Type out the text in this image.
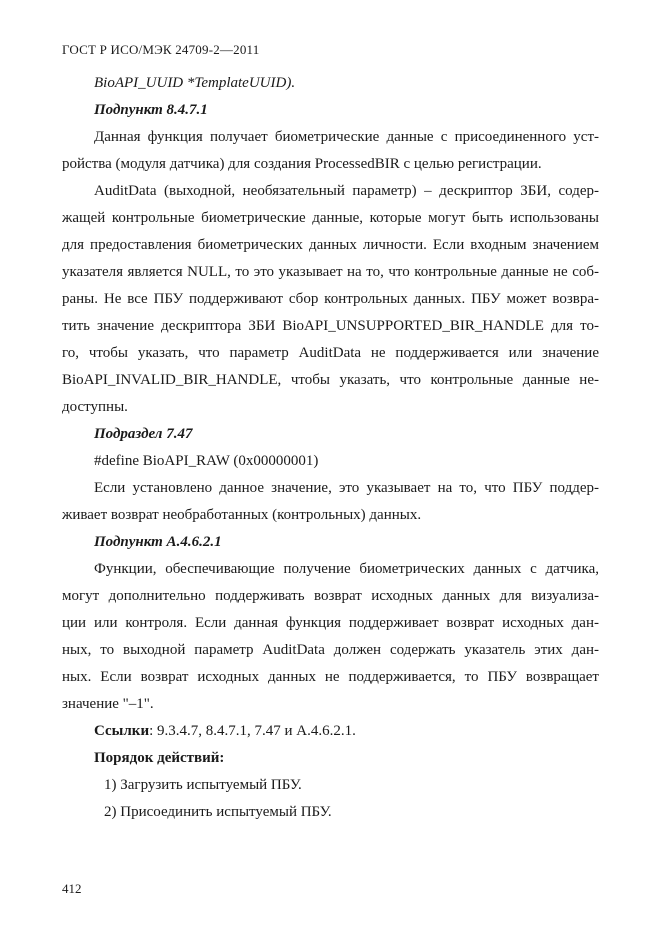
ГОСТ Р ИСО/МЭК 24709-2—2011
BioAPI_UUID *TemplateUUID).
Подпункт 8.4.7.1
Данная функция получает биометрические данные с присоединенного уст-
ройства (модуля датчика) для создания ProcessedBIR с целью регистрации.
AuditData (выходной, необязательный параметр) – дескриптор ЗБИ, содер-
жащей контрольные биометрические данные, которые могут быть использованы
для предоставления биометрических данных личности. Если входным значением
указателя является NULL, то это указывает на то, что контрольные данные не соб-
раны. Не все ПБУ поддерживают сбор контрольных данных. ПБУ может возвра-
тить значение дескриптора ЗБИ BioAPI_UNSUPPORTED_BIR_HANDLE для то-
го, чтобы указать, что параметр AuditData не поддерживается или значение
BioAPI_INVALID_BIR_HANDLE, чтобы указать, что контрольные данные не-
доступны.
Подраздел 7.47
#define BioAPI_RAW (0x00000001)
Если установлено данное значение, это указывает на то, что ПБУ поддер-
живает возврат необработанных (контрольных) данных.
Подпункт A.4.6.2.1
Функции, обеспечивающие получение биометрических данных с датчика,
могут дополнительно поддерживать возврат исходных данных для визуализа-
ции или контроля. Если данная функция поддерживает возврат исходных дан-
ных, то выходной параметр AuditData должен содержать указатель этих дан-
ных. Если возврат исходных данных не поддерживается, то ПБУ возвращает
значение "–1".
Ссылки: 9.3.4.7, 8.4.7.1, 7.47 и A.4.6.2.1.
Порядок действий:
1) Загрузить испытуемый ПБУ.
2) Присоединить испытуемый ПБУ.
412
